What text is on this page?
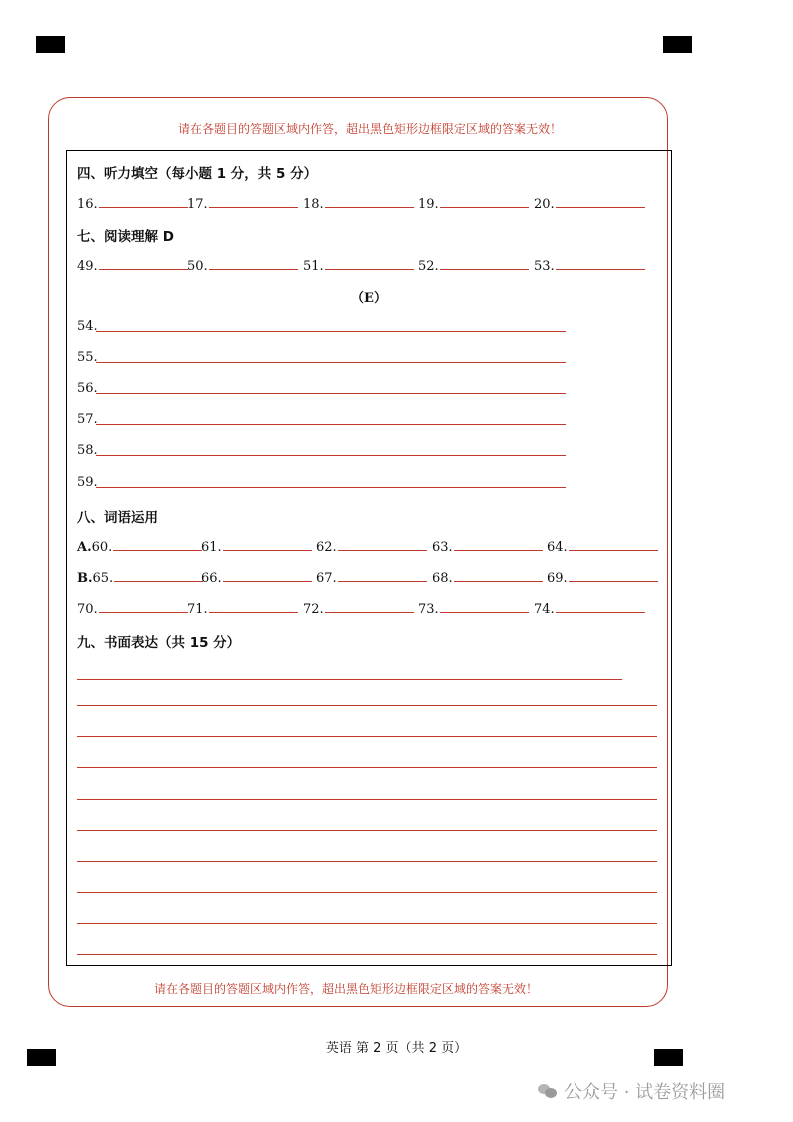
请在各题目的答题区域内作答，超出黑色矩形边框限定区域的答案无效！
请在各题目的答题区域内作答，超出黑色矩形边框限定区域的答案无效！
四、听力填空（每小题 1 分，共 5 分）
16.	17.	18.	19.	20.
七、阅读理解 D
49.	50.	51.	52.	53.
（E）
54.
55.
56.
57.
58.
59.
八、词语运用
A.60.	61.	62.	63.	64.
B.65.	66.	67.	68.	69.
70.	71.	72.	73.	74.
九、书面表达（共 15 分）
英语 第 2 页（共 2 页）
公众号 · 试卷资料圈
